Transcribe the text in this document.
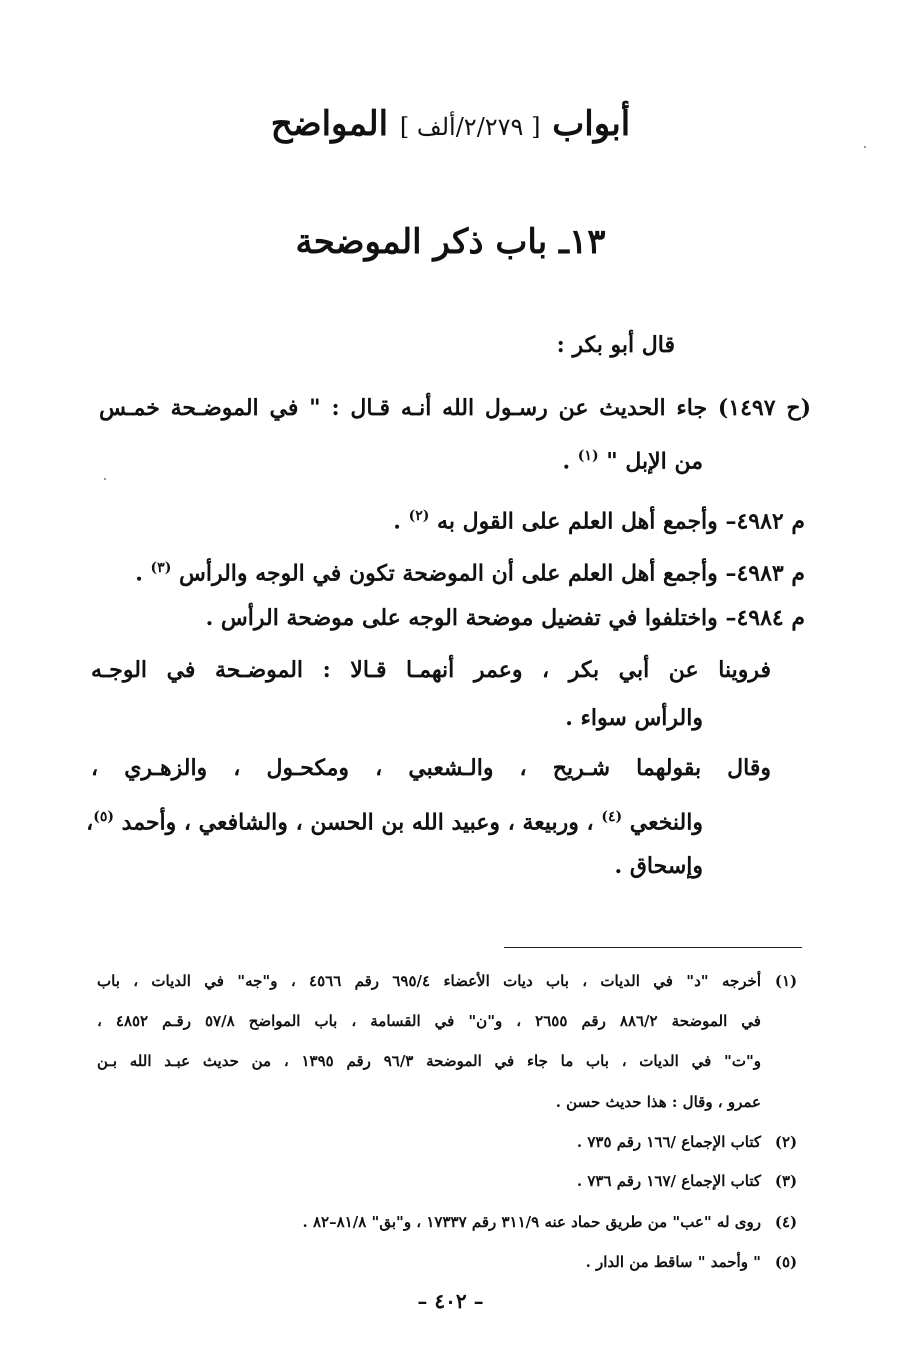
أبواب [ ٢/٢٧٩/ألف ] المواضح
١٣ـ باب ذكر الموضحة
قال أبو بكر :
(ح ١٤٩٧) جاء الحديث عن رسـول الله أنـه قـال : " في الموضـحة خمـس
من الإبل " $^{(١)}$ .
م ٤٩٨٢– وأجمع أهل العلم على القول به $^{(٢)}$ .
م ٤٩٨٣– وأجمع أهل العلم على أن الموضحة تكون في الوجه والرأس $^{(٣)}$ .
م ٤٩٨٤– واختلفوا في تفضيل موضحة الوجه على موضحة الرأس .
فروينا عن أبي بكر ، وعمر أنهمـا قـالا : الموضـحة في الوجـه
والرأس سواء .
وقال بقولهما شـريح ، والـشعبي ، ومكحـول ، والزهـري ،
والنخعي $^{(٤)}$ ، وربيعة ، وعبيد الله بن الحسن ، والشافعي ، وأحمد $^{(٥)}$،
وإسحاق .
(١)
أخرجه "د" في الديات ، باب ديات الأعضاء ٦٩٥/٤ رقم ٤٥٦٦ ، و"جه" في الديات ، باب
في الموضحة ٨٨٦/٢ رقم ٢٦٥٥ ، و"ن" في القسامة ، باب المواضح ٥٧/٨ رقـم ٤٨٥٢ ،
و"ت" في الديات ، باب ما جاء في الموضحة ٩٦/٣ رقم ١٣٩٥ ، من حديث عبـد الله بـن
عمرو ، وقال : هذا حديث حسن .
(٢)
كتاب الإجماع /١٦٦ رقم ٧٣٥ .
(٣)
كتاب الإجماع /١٦٧ رقم ٧٣٦ .
(٤)
روى له "عب" من طريق حماد عنه ٣١١/٩ رقم ١٧٣٣٧ ، و"بق" ٨١/٨–٨٢ .
(٥)
" وأحمد " ساقط من الدار .
– ٤٠٢ –
